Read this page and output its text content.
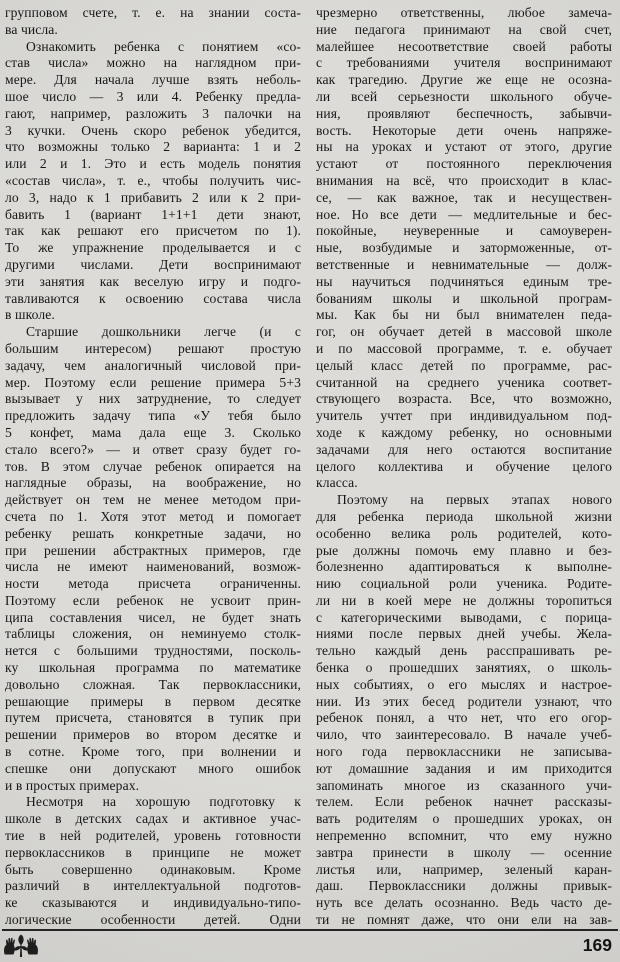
групповом счете, т. е. на знании соста-
ва числа.
Ознакомить ребенка с понятием «со-
став числа» можно на наглядном при-
мере. Для начала лучше взять неболь-
шое число — 3 или 4. Ребенку предла-
гают, например, разложить 3 палочки на
3 кучки. Очень скоро ребенок убедится,
что возможны только 2 варианта: 1 и 2
или 2 и 1. Это и есть модель понятия
«состав числа», т. е., чтобы получить чис-
ло 3, надо к 1 прибавить 2 или к 2 при-
бавить 1 (вариант 1+1+1 дети знают,
так как решают его присчетом по 1).
То же упражнение проделывается и с
другими числами. Дети воспринимают
эти занятия как веселую игру и подго-
тавливаются к освоению состава числа
в школе.
Старшие дошкольники легче (и с
большим интересом) решают простую
задачу, чем аналогичный числовой при-
мер. Поэтому если решение примера 5+3
вызывает у них затруднение, то следует
предложить задачу типа «У тебя было
5 конфет, мама дала еще 3. Сколько
стало всего?» — и ответ сразу будет го-
тов. В этом случае ребенок опирается на
наглядные образы, на воображение, но
действует он тем не менее методом при-
счета по 1. Хотя этот метод и помогает
ребенку решать конкретные задачи, но
при решении абстрактных примеров, где
числа не имеют наименований, возмож-
ности метода присчета ограниченны.
Поэтому если ребенок не усвоит прин-
ципа составления чисел, не будет знать
таблицы сложения, он неминуемо столк-
нется с большими трудностями, посколь-
ку школьная программа по математике
довольно сложная. Так первоклассники,
решающие примеры в первом десятке
путем присчета, становятся в тупик при
решении примеров во втором десятке и
в сотне. Кроме того, при волнении и
спешке они допускают много ошибок
и в простых примерах.
Несмотря на хорошую подготовку к
школе в детских садах и активное учас-
тие в ней родителей, уровень готовности
первоклассников в принципе не может
быть совершенно одинаковым. Кроме
различий в интеллектуальной подготов-
ке сказываются и индивидуально-типо-
логические особенности детей. Одни
чрезмерно ответственны, любое замеча-
ние педагога принимают на свой счет,
малейшее несоответствие своей работы
с требованиями учителя воспринимают
как трагедию. Другие же еще не осозна-
ли всей серьезности школьного обуче-
ния, проявляют беспечность, забывчи-
вость. Некоторые дети очень напряже-
ны на уроках и устают от этого, другие
устают от постоянного переключения
внимания на всё, что происходит в клас-
се, — как важное, так и несуществен-
ное. Но все дети — медлительные и бес-
покойные, неуверенные и самоуверен-
ные, возбудимые и заторможенные, от-
ветственные и невнимательные — долж-
ны научиться подчиняться единым тре-
бованиям школы и школьной програм-
мы. Как бы ни был внимателен педа-
гог, он обучает детей в массовой школе
и по массовой программе, т. е. обучает
целый класс детей по программе, рас-
считанной на среднего ученика соответ-
ствующего возраста. Все, что возможно,
учитель учтет при индивидуальном под-
ходе к каждому ребенку, но основными
задачами для него остаются воспитание
целого коллектива и обучение целого
класса.
Поэтому на первых этапах нового
для ребенка периода школьной жизни
особенно велика роль родителей, кото-
рые должны помочь ему плавно и без-
болезненно адаптироваться к выполне-
нию социальной роли ученика. Родите-
ли ни в коей мере не должны торопиться
с категорическими выводами, с порица-
ниями после первых дней учебы. Жела-
тельно каждый день расспрашивать ре-
бенка о прошедших занятиях, о школь-
ных событиях, о его мыслях и настрое-
нии. Из этих бесед родители узнают, что
ребенок понял, а что нет, что его огор-
чило, что заинтересовало. В начале учеб-
ного года первоклассники не записыва-
ют домашние задания и им приходится
запоминать многое из сказанного учи-
телем. Если ребенок начнет рассказы-
вать родителям о прошедших уроках, он
непременно вспомнит, что ему нужно
завтра принести в школу — осенние
листья или, например, зеленый каран-
даш. Первоклассники должны привык-
нуть все делать осознанно. Ведь часто де-
ти не помнят даже, что они ели на зав-
169
